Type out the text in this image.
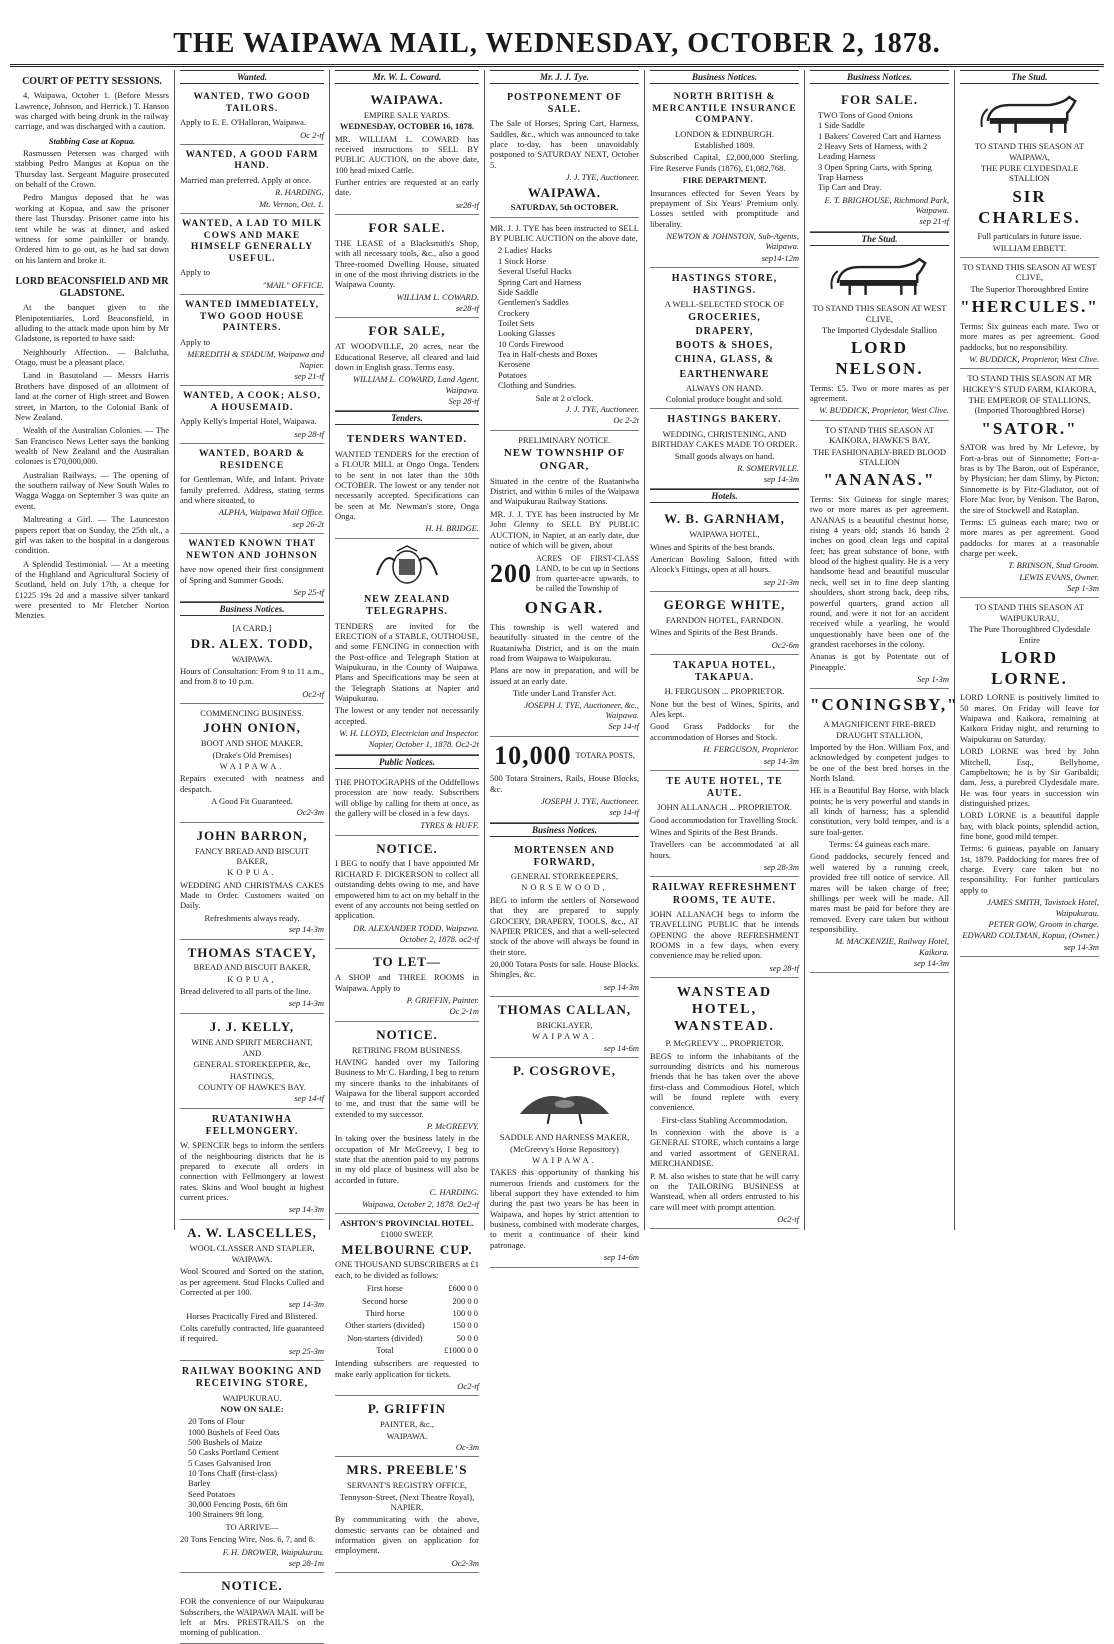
THE WAIPAWA MAIL, WEDNESDAY, OCTOBER 2, 1878.
COURT OF PETTY SESSIONS.

4, Waipawa, October 1. (Before Messrs Lawrence, Johnson, and Herrick.) T. Hanson was charged with being drunk in the railway carriage, and was discharged with a caution.

Stabbing Case at Kopua.

Rasmussen Petersen was charged with stabbing Pedro Mangus at Kopua on the Thursday last. Sergeant Maguire prosecuted on behalf of the Crown.

Pedro Mangus deposed that he was working at Kopua, and saw the prisoner there last Thursday. Prisoner came into his tent while he was at dinner, and asked witness for some painkiller or brandy. Ordered him to go out, as he had sat down on his lantern and broke it.

LORD BEACONSFIELD AND MR GLADSTONE.

At the banquet given to the Plenipotentiaries, Lord Beaconsfield, in alluding to the attack made upon him by Mr Gladstone, is reported to have said:

Neighbourly Affection. — Balclutha, Otago, must be a pleasant place.

Land in Basutoland — Messrs Harris Brothers have disposed of an allotment of land at the corner of High street and Bowen street, in Marton, to the Colonial Bank of New Zealand.

Wealth of the Australian Colonies. — The San Francisco News Letter says the banking wealth of New Zealand and the Australian colonies is £70,000,000.

Australian Railways. — The opening of the southern railway of New South Wales to Wagga Wagga on September 3 was quite an event.

Maltreating a Girl. — The Launceston papers report that on Sunday, the 25th ult., a girl was taken to the hospital in a dangerous condition.

A Splendid Testimonial. — At a meeting of the Highland and Agricultural Society of Scotland, held on July 17th, a cheque for £1225 19s 2d and a massive silver tankard were presented to Mr Fletcher Norton Menzies.

Wanted.
WANTED, TWO GOOD TAILORS.
Apply to E. E. O'Halloran, Waipawa.
Oc 2-tf
WANTED, A GOOD FARM HAND.
Married man preferred. Apply at once.
R. HARDING.
Mt. Vernon, Oct. 1.
WANTED, A LAD TO MILK COWS AND MAKE HIMSELF GENERALLY USEFUL.
Apply to
"MAIL" OFFICE.
WANTED IMMEDIATELY, TWO GOOD HOUSE PAINTERS.
Apply to
MEREDITH & STADUM, Waipawa and Napier.
sep 21-tf
WANTED, A COOK; ALSO, A HOUSEMAID.
Apply Kelly's Imperial Hotel, Waipawa.
sep 28-tf
WANTED, BOARD & RESIDENCE
for Gentleman, Wife, and Infant. Private family preferred. Address, stating terms and where situated, to
ALPHA, Waipawa Mail Office.
sep 26-2t
WANTED KNOWN THAT NEWTON AND JOHNSON
have now opened their first consignment of Spring and Summer Goods.
Sep 25-tf
Business Notices.
[A CARD.]
DR. ALEX. TODD,
WAIPAWA.
Hours of Consultation: From 9 to 11 a.m., and from 8 to 10 p.m.
Oc2-tf
COMMENCING BUSINESS.
JOHN ONION,
BOOT AND SHOE MAKER,
(Drake's Old Premises)
WAIPAWA.
Repairs executed with neatness and despatch.
A Good Fit Guaranteed.
Oc2-3m
JOHN BARRON,
FANCY BREAD AND BISCUIT BAKER,
KOPUA.
WEDDING AND CHRISTMAS CAKES Made to Order. Customers waited on Daily.
Refreshments always ready.
sep 14-3m
THOMAS STACEY,
BREAD AND BISCUIT BAKER,
KOPUA,
Bread delivered to all parts of the line.
sep 14-3m
J. J. KELLY,
WINE AND SPIRIT MERCHANT,
AND
GENERAL STOREKEEPER, &c,
HASTINGS,
COUNTY OF HAWKE'S BAY.
sep 14-tf
RUATANIWHA FELLMONGERY.
W. SPENCER begs to inform the settlers of the neighbouring districts that he is prepared to execute all orders in connection with Fellmongery at lowest rates. Skins and Wool bought at highest current prices.
sep 14-3m
A. W. LASCELLES,
WOOL CLASSER AND STAPLER,
WAIPAWA.
Wool Scoured and Sorted on the station, as per agreement. Stud Flocks Culled and Corrected at per 100.
sep 14-3m
Horses Practically Fired and Blistered.
Colts carefully contracted, life guaranteed if required.
sep 25-3m
RAILWAY BOOKING AND RECEIVING STORE,
WAIPUKURAU.
NOW ON SALE:
20 Tons of Flour
1000 Bushels of Feed Oats
500 Bushels of Maize
50 Casks Portland Cement
5 Cases Galvanised Iron
10 Tons Chaff (first-class)
Barley
Seed Potatoes
30,000 Fencing Posts, 6ft 6in
100 Strainers 9ft long.
TO ARRIVE—
20 Tons Fencing Wire, Nos. 6, 7, and 8.
F. H. DROWER, Waipukurau.
sep 28-1m
NOTICE.
FOR the convenience of our Waipukurau Subscribers, the WAIPAWA MAIL will be left at Mrs. PRESTRAIL'S on the morning of publication.
Mr. W. L. Coward.
WAIPAWA.
EMPIRE SALE YARDS.
WEDNESDAY, OCTOBER 16, 1878.
MR. WILLIAM L. COWARD has received instructions to SELL BY PUBLIC AUCTION, on the above date, 100 head mixed Cattle.
Further entries are requested at an early date.
se28-tf
FOR SALE.
THE LEASE of a Blacksmith's Shop, with all necessary tools, &c., also a good Three-roomed Dwelling House, situated in one of the most thriving districts in the Waipawa County.
WILLIAM L. COWARD.
se28-tf
FOR SALE,
AT WOODVILLE, 20 acres, near the Educational Reserve, all cleared and laid down in English grass. Terms easy.
WILLIAM L. COWARD, Land Agent, Waipawa.
Sep 28-tf
Tenders.
TENDERS WANTED.
WANTED TENDERS for the erection of a FLOUR MILL at Ongo Onga. Tenders to be sent in not later than the 10th OCTOBER. The lowest or any tender not necessarily accepted. Specifications can be seen at Mr. Newman's store, Onga Onga.
H. H. BRIDGE.
NEW ZEALAND TELEGRAPHS.
TENDERS are invited for the ERECTION of a STABLE, OUTHOUSE, and some FENCING in connection with the Post-office and Telegraph Station at Waipukurau, in the County of Waipawa. Plans and Specifications may be seen at the Telegraph Stations at Napier and Waipukurau.
The lowest or any tender not necessarily accepted.
W. H. LLOYD, Electrician and Inspector.
Napier, October 1, 1878. Oc2-2t
Public Notices.
THE PHOTOGRAPHS of the Oddfellows procession are now ready. Subscribers will oblige by calling for them at once, as the gallery will be closed in a few days.
TYRES & HUFF.
NOTICE.
I BEG to notify that I have appointed Mr RICHARD F. DICKERSON to collect all outstanding debts owing to me, and have empowered him to act on my behalf in the event of any accounts not being settled on application.
DR. ALEXANDER TODD, Waipawa.
October 2, 1878. oc2-tf
TO LET—
A SHOP and THREE ROOMS in Waipawa. Apply to
P. GRIFFIN, Painter.
Oc 2-1m
NOTICE.
RETIRING FROM BUSINESS.
HAVING handed over my Tailoring Business to Mr C. Harding, I beg to return my sincere thanks to the inhabitants of Waipawa for the liberal support accorded to me, and trust that the same will be extended to my successor.
P. McGREEVY.
In taking over the business lately in the occupation of Mr McGreevy, I beg to state that the attention paid to my patrons in my old place of business will also be accorded in future.
C. HARDING.
Waipawa, October 2, 1878. Oc2-tf
ASHTON'S PROVINCIAL HOTEL.
£1000 SWEEP.
MELBOURNE CUP.
ONE THOUSAND SUBSCRIBERS at £1 each, to be divided as follows:
First horse	£600 0 0
Second horse	200 0 0
Third horse	100 0 0
Other starters (divided)	150 0 0
Non-starters (divided)	50 0 0
Total	£1000 0 0
Intending subscribers are requested to make early application for tickets.
Oc2-tf
P. GRIFFIN
PAINTER, &c.,
WAIPAWA.
Oc-3m
MRS. PREEBLE'S
SERVANT'S REGISTRY OFFICE,
Tennyson-Street, (Next Theatre Royal), NAPIER.
By communicating with the above, domestic servants can be obtained and information given on application for employment.
Oc2-3m
Mr. J. J. Tye.
POSTPONEMENT OF SALE.
The Sale of Horses, Spring Cart, Harness, Saddles, &c., which was announced to take place to-day, has been unavoidably postponed to SATURDAY NEXT, October 5.
J. J. TYE, Auctioneer.
WAIPAWA.
SATURDAY, 5th OCTOBER.
MR. J. J. TYE has been instructed to SELL BY PUBLIC AUCTION on the above date,
2 Ladies' Hacks
1 Stock Horse
Several Useful Hacks
Spring Cart and Harness
Side Saddle
Gentlemen's Saddles
Crockery
Toilet Sets
Looking Glasses
10 Cords Firewood
Tea in Half-chests and Boxes
Kerosene
Potatoes
Clothing and Sundries.
Sale at 2 o'clock.
J. J. TYE, Auctioneer.
Oc 2-2t
PRELIMINARY NOTICE.
NEW TOWNSHIP OF ONGAR,
Situated in the centre of the Ruataniwha District, and within 6 miles of the Waipawa and Waipukurau Railway Stations.
MR. J. J. TYE has been instructed by Mr John Glenny to SELL BY PUBLIC AUCTION, in Napier, at an early date, due notice of which will be given, about
200
ACRES OF FIRST-CLASS LAND, to be cut up in Sections from quarter-acre upwards, to be called the Township of
ONGAR.
This township is well watered and beautifully situated in the centre of the Ruataniwha District, and is on the main road from Waipawa to Waipukurau.
Plans are now in preparation, and will be issued at an early date.
Title under Land Transfer Act.
JOSEPH J. TYE, Auctioneer, &c., Waipawa.
Sep 14-tf
10,000 TOTARA POSTS,
500 Totara Strainers, Rails, House Blocks, &c.
JOSEPH J. TYE, Auctioneer.
sep 14-tf
Business Notices.
MORTENSEN AND FORWARD,
GENERAL STOREKEEPERS,
NORSEWOOD,
BEG to inform the settlers of Norsewood that they are prepared to supply GROCERY, DRAPERY, TOOLS, &c., AT NAPIER PRICES, and that a well-selected stock of the above will always be found in their store.
20,000 Totara Posts for sale. House Blocks. Shingles, &c.
sep 14-3m
THOMAS CALLAN,
BRICKLAYER,
WAIPAWA.
sep 14-6m
P. COSGROVE,
SADDLE AND HARNESS MAKER,
(McGreevy's Horse Repository)
WAIPAWA.
TAKES this opportunity of thanking his numerous friends and customers for the liberal support they have extended to him during the past two years he has been in Waipawa, and hopes by strict attention to business, combined with moderate charges, to merit a continuance of their kind patronage.
sep 14-6m
Business Notices.
NORTH BRITISH & MERCANTILE INSURANCE COMPANY.
LONDON & EDINBURGH.
Established 1809.
Subscribed Capital, £2,000,000 Sterling. Fire Reserve Funds (1876), £1,082,768.
FIRE DEPARTMENT.
Insurances effected for Seven Years by prepayment of Six Years' Premium only. Losses settled with promptitude and liberality.
NEWTON & JOHNSTON, Sub-Agents, Waipawa.
sep14-12m
HASTINGS STORE, HASTINGS.
A WELL-SELECTED STOCK OF
GROCERIES,
DRAPERY,
BOOTS & SHOES,
CHINA, GLASS, &
EARTHENWARE
ALWAYS ON HAND.
Colonial produce bought and sold.
HASTINGS BAKERY.
WEDDING, CHRISTENING, AND BIRTHDAY CAKES MADE TO ORDER.
Small goods always on hand.
R. SOMERVILLE.
sep 14-3m
Hotels.
W. B. GARNHAM,
WAIPAWA HOTEL,
Wines and Spirits of the best brands.
American Bowling Saloon, fitted with Alcock's Fittings, open at all hours.
sep 21-3m
GEORGE WHITE,
FARNDON HOTEL, FARNDON.
Wines and Spirits of the Best Brands.
Oc2-6m
TAKAPUA HOTEL, TAKAPUA.
H. FERGUSON ... PROPRIETOR.
None but the best of Wines, Spirits, and Ales kept.
Good Grass Paddocks for the accommodation of Horses and Stock.
H. FERGUSON, Proprietor.
sep 14-3m
TE AUTE HOTEL, TE AUTE.
JOHN ALLANACH ... PROPRIETOR.
Good accommodation for Travelling Stock.
Wines and Spirits of the Best Brands.
Travellers can be accommodated at all hours.
sep 28-3m
RAILWAY REFRESHMENT ROOMS, TE AUTE.
JOHN ALLANACH begs to inform the TRAVELLING PUBLIC that he intends OPENING the above REFRESHMENT ROOMS in a few days, when every convenience may be relied upon.
sep 28-tf
WANSTEAD HOTEL, WANSTEAD.
P. McGREEVY ... PROPRIETOR.
BEGS to inform the inhabitants of the surrounding districts and his numerous friends that he has taken over the above first-class and Commodious Hotel, which will be found replete with every convenience.
First-class Stabling Accommodation.
In connexion with the above is a GENERAL STORE, which contains a large and varied assortment of GENERAL MERCHANDISE.
P. M. also wishes to state that he will carry on the TAILORING BUSINESS at Wanstead, when all orders entrusted to his care will meet with prompt attention.
Oc2-tf
Business Notices.
FOR SALE.
TWO Tons of Good Onions
1 Side Saddle
1 Bakers' Covered Cart and Harness
2 Heavy Sets of Harness, with 2 Leading Harness
3 Open Spring Carts, with Spring Trap Harness
Tip Cart and Dray.
E. T. BRIGHOUSE, Richmond Park, Waipawa.
sep 21-tf
The Stud.
TO STAND THIS SEASON AT WEST CLIVE,
The Imported Clydesdale Stallion
LORD NELSON.
Terms: £5. Two or more mares as per agreement.
W. BUDDICK, Proprietor, West Clive.
TO STAND THIS SEASON AT KAIKORA, HAWKE'S BAY,
THE FASHIONABLY-BRED BLOOD STALLION
"ANANAS."
Terms: Six Guineas for single mares; two or more mares as per agreement. ANANAS is a beautiful chestnut horse, rising 4 years old; stands 16 hands 2 inches on good clean legs and capital feet; has great substance of bone, with blood of the highest quality. He is a very handsome head and beautiful muscular neck, well set in to fine deep slanting shoulders, short strong back, deep ribs, powerful quarters, grand action all round, and were it not for an accident received while a yearling, he would unquestionably have been one of the grandest racehorses in the colony.
Ananas is got by Potentate out of Pineapple.
Sep 1-3m
"CONINGSBY,"
A MAGNIFICENT FIRE-BRED DRAUGHT STALLION,
Imported by the Hon. William Fox, and acknowledged by competent judges to be one of the best bred horses in the North Island.
HE is a Beautiful Bay Horse, with black points; he is very powerful and stands in all kinds of harness; has a splendid constitution, very bold temper, and is a sure foal-getter.
Terms: £4 guineas each mare.
Good paddocks, securely fenced and well watered by a running creek, provided free till notice of service. All mares will be taken charge of free; shillings per week will be made. All mares must be paid for before they are removed. Every care taken but without responsibility.
M. MACKENZIE, Railway Hotel, Kaikora.
sep 14-3m
The Stud.
TO STAND THIS SEASON AT WAIPAWA,
THE PURE CLYDESDALE STALLION
SIR CHARLES.
Full particulars in future issue.
WILLIAM EBBETT.
TO STAND THIS SEASON AT WEST CLIVE,
The Superior Thoroughbred Entire
"HERCULES."
Terms: Six guineas each mare. Two or more mares as per agreement. Good paddocks, but no responsibility.
W. BUDDICK, Proprietor, West Clive.
TO STAND THIS SEASON AT MR HICKEY'S STUD FARM, KIAKORA,
THE EMPEROR OF STALLIONS, (Imported Thoroughbred Horse)
"SATOR."
SATOR was bred by Mr Lefevre, by Fort-a-bras out of Sinnomette; Fort-a-bras is by The Baron, out of Espérance, by Physician; her dam Slimy, by Picton; Sinnomette is by Fitz-Gladiator, out of Flore Mac Ivor, by Venison. The Baron, the sire of Stockwell and Rataplan.
Terms: £5 guineas each mare; two or more mares as per agreement. Good paddocks for mares at a reasonable charge per week.
T. BRINSON, Stud Groom.
LEWIS EVANS, Owner.
Sep 1-3m
TO STAND THIS SEASON AT WAIPUKURAU,
The Pure Thoroughbred Clydesdale Entire
LORD LORNE.
LORD LORNE is positively limited to 50 mares. On Friday will leave for Waipawa and Kaikora, remaining at Kaikora Friday night, and returning to Waipukurau on Saturday.
LORD LORNE was bred by John Mitchell, Esq., Bellyhome, Campbeltown; he is by Sir Garibaldi; dam, Jess, a purebred Clydesdale mare. He was four years in succession win distinguished prizes.
LORD LORNE is a beautiful dapple bay, with black points, splendid action, fine bone, good mild temper.
Terms: 6 guineas, payable on January 1st, 1879. Paddocking for mares free of charge. Every care taken but no responsibility. For further particulars apply to
JAMES SMITH, Tavistock Hotel, Waipukurau.
PETER GOW, Groom in charge.
EDWARD COLTMAN, Kopua, (Owner.)
sep 14-3m
